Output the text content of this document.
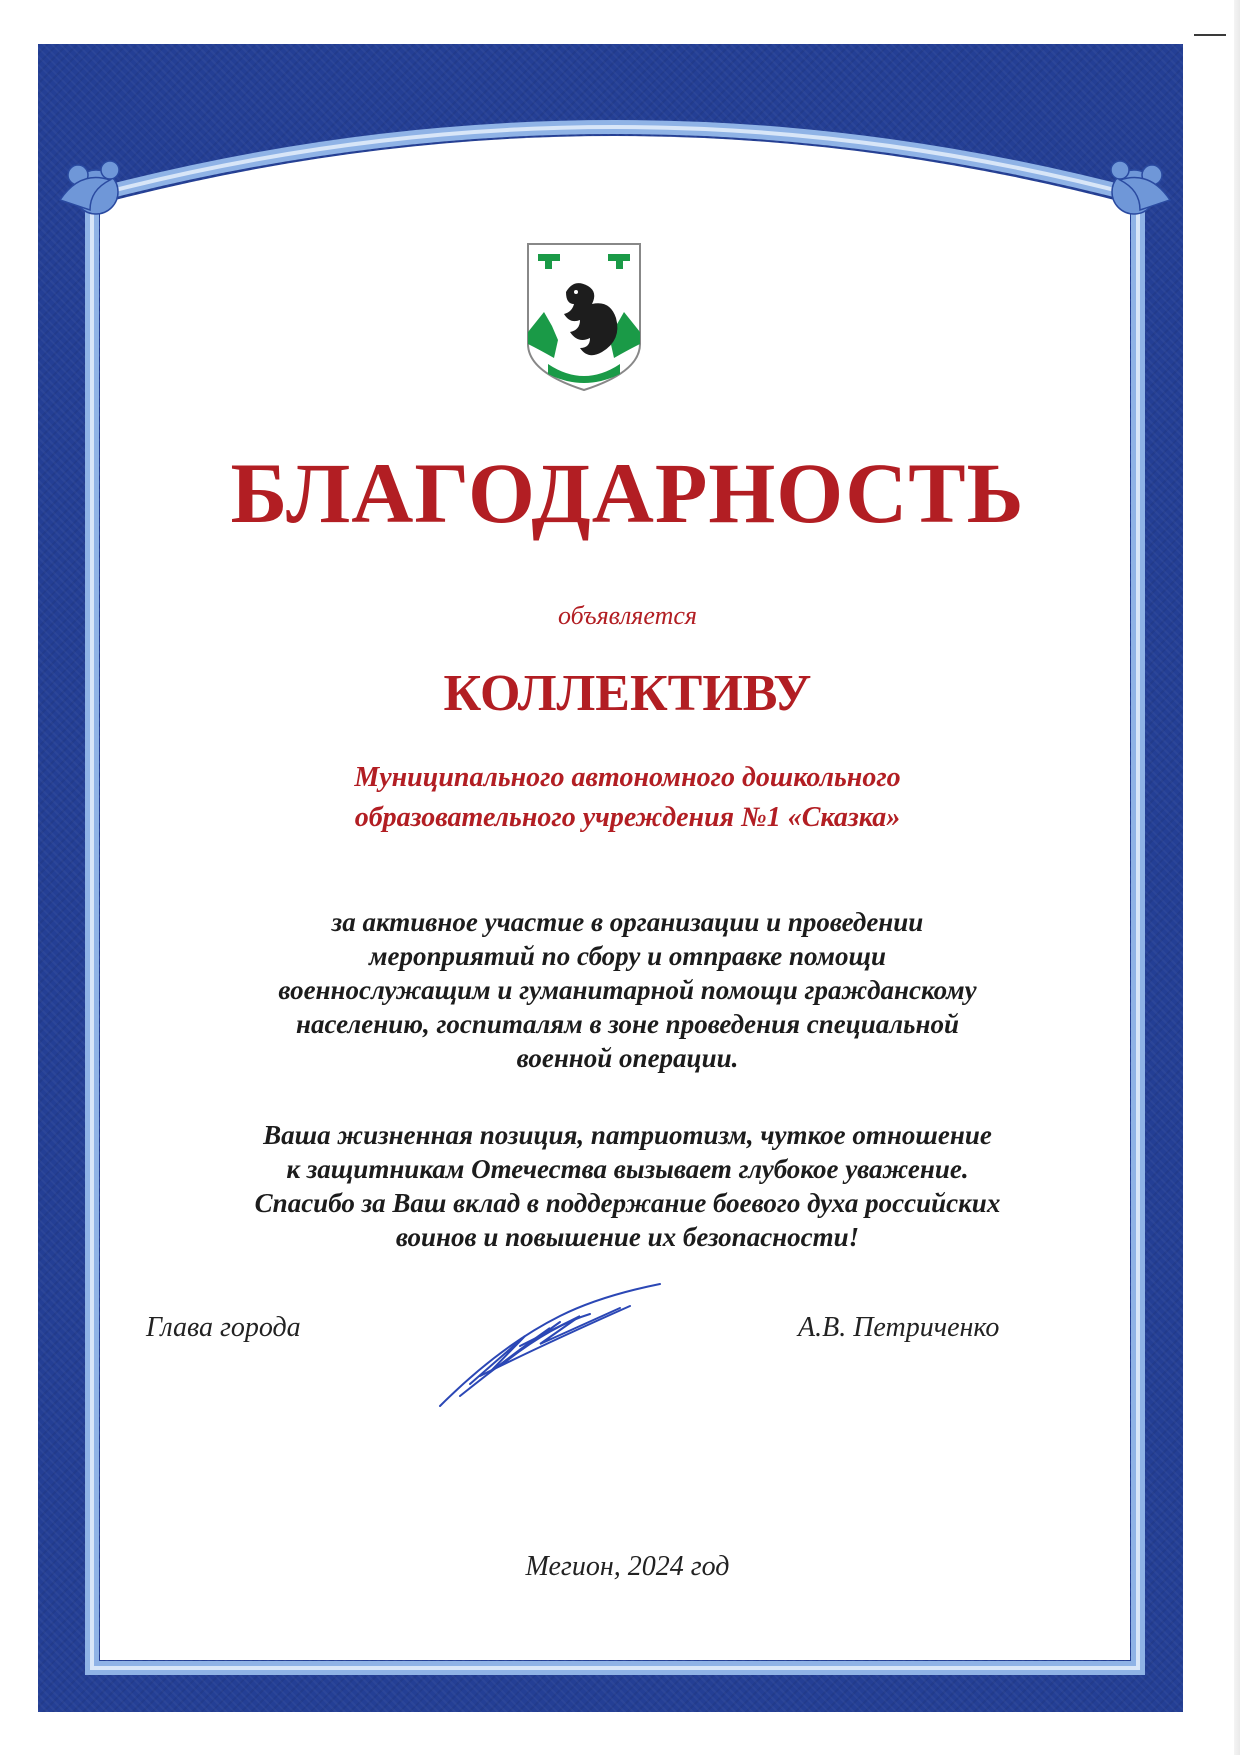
БЛАГОДАРНОСТЬ
объявляется
КОЛЛЕКТИВУ
Муниципального автономного дошкольного
образовательного учреждения №1 «Сказка»
за активное участие в организации и проведении
мероприятий по сбору и отправке помощи
военнослужащим и гуманитарной помощи гражданскому
населению, госпиталям в зоне проведения специальной
военной операции.
Ваша жизненная позиция, патриотизм, чуткое отношение
к защитникам Отечества вызывает глубокое уважение.
Спасибо за Ваш вклад в поддержание боевого духа российских
воинов и повышение их безопасности!
Глава города	А.В. Петриченко
Мегион, 2024 год
